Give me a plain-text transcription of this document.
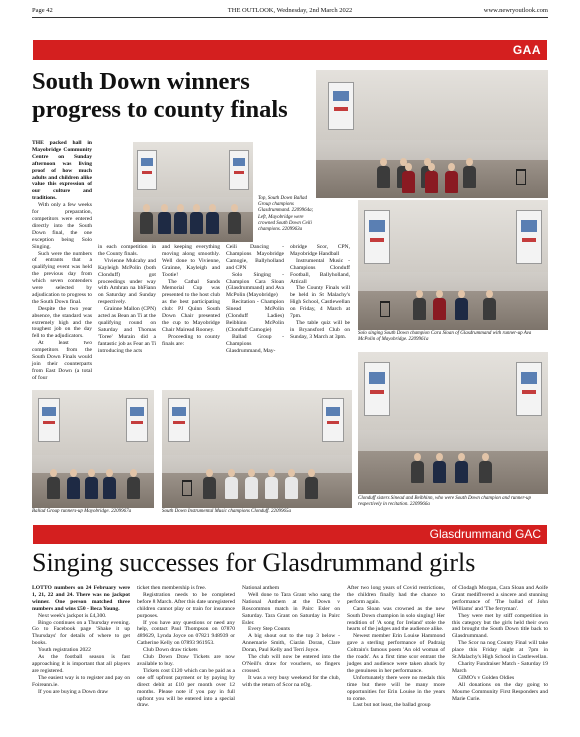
Page 42	THE OUTLOOK, Wednesday, 2nd March 2022	www.newryoutlook.com
GAA
South Down winners progress to county finals
Top, South Down Ballad Group champions Glasdrummand. 2209964a; Left, Mayobridge were crowned South Down Ceili champions. 2209963a
Solo singing South Down champion Cara Sloan of Glasdrummand with runner-up Ava McPolin of Mayobridge. 2209961a

THE packed hall in Mayobridge Community Centre on Sunday afternoon was living proof of how much adults and children alike value this expression of our culture and traditions.

With only a few weeks for preparation, competitors were entered directly into the South Down final, the one exception being Solo Singing.

Such were the numbers of entrants that a qualifying event was held the previous day from which seven contenders were selected by adjudication to progress to the South Down final.

Despite the two year absence, the standard was extremely high and the toughest job on the day fell to the adjudicators.

At least two competitors from the South Down Finals would join their counterparts from East Down (a total of four

in each competition in the County finals.

Vivienne Mulcahy and Kayleigh McPolin (both Clonduff) got proceedings under way with Amhran na bhFiann on Saturday and Sunday respectively.

Grainne Mallon (CPN) acted as Bean an Ti at the qualifying round on Saturday and Thomas 'Toree' Murain did a fantastic job as Fear an Ti introducing the acts

and keeping everything moving along smoothly. Well done to Vivienne, Grainne, Kayleigh and Tootie!

The Cathal Sands Memorial Cup was presented to the host club as the best participating club: PJ Quinn South Down Chair presented the cup to Mayobridge Chair Mairead Rooney.

Proceeding to county finals are:

Ceili Dancing - Champions Mayobridge Camogie, Ballyholland and CPN

Solo Singing - Champion Cara Sloan (Glasdrummand) and Ava McPolin (Mayobridge)

Recitation - Champion Sinead McPolin (Clonduff Ladies) Beibhinn McPolin (Clonduff Camogie)

Ballad Group - Champions Glasdrummand, May-

obridge Scor, CPN, Mayobridge Handball

Instrumental Music - Champions Clonduff Football, Ballyholland, Atticall

The County Finals will be held in St Malachy's High School, Castlewellan on Friday, 4 March at 7pm.

The table quiz will be in Bryansford Club on Sunday, 3 March at 3pm.

Ballad Group runners-up Mayobridge. 2209967a	South Down Instrumental Music champions Clonduff. 2209965a
Clonduff sisters Sinead and Beibhinn, who were South Down champion and runner-up respectively in recitation. 2209966a
Glasdrummand GAC
Singing successes for Glasdrummand girls

LOTTO numbers on 24 February were 1, 21, 22 and 24. There was no jackpot winner. One person matched three numbers and wins £50 - Beca Young.

Next week's jackpot is £4,300.

Bingo continues on a Thursday evening. Go to Facebook page 'Shake it up Thursdays' for details of where to get books.

Youth registration 2022

As the football season is fast approaching it is important that all players are registered.

The easiest way is to register and pay on Foireann.ie.

If you are buying a Down draw

ticket then membership is free.

Registration needs to be completed before 8 March. After this date unregistered children cannot play or train for insurance purposes.

If you have any questions or need any help, contact Paul Thompson on 07870 489629, Lynda Joyce on 07821 948939 or Catherine Kelly on 07893 961953.

Club Down draw tickets

Club Down Draw Tickets are now available to buy.

Tickets cost £120 which can be paid as a one off upfront payment or by paying by direct debit at £10 per month over 12 months. Please note if you pay in full upfront you will be entered into a special draw.

National anthem

Well done to Tara Grant who sang the National Anthem at the Down v Roscommon match in Pairc Esler on Saturday. Tara Grant on Saturday in Pairc Esler.

Every Step Counts

A big shout out to the top 3 below - Annemarie Smith, Ciarán Doran, Clare Doran, Paul Kelly and Terri Joyce.

The club will now be entered into the O'Neill's draw for vouchers, so fingers crossed.

It was a very busy weekend for the club, with the return of Scor na nOg.

After two long years of Covid restrictions, the children finally had the chance to perform again.

Cara Sloan was crowned as the new South Down champion in solo singing! Her rendition of 'A song for Ireland' stole the hearts of the judges and the audience alike.

Newest member Erin Louise Hammond gave a sterling performance of Padraig Coltrain's famous poem 'An old woman of the roads'. As a first time scor entrant the judges and audience were taken aback by the genuiness in her performance.

Unfortunately there were no medals this time but there will be many more opportunities for Erin Louise in the years to come.

Last but not least, the ballad group

of Clodagh Morgan, Cara Sloan and Aoife Grant mediflvered a sincere and stunning performance of 'The ballad of John Williams' and 'The ferryman'.

They were met by stiff competition in this category but the girls held their own and brought the South Down title back to Glasdrummand.

The Scor na nog County Final will take place this Friday night at 7pm in St.Malachy's High School in Castlewellan.

Charity Fundraiser Match - Saturday 19 March

GIMO's v Golden Oldies

All donations on the day going to Mourne Community First Responders and Marie Curie.
